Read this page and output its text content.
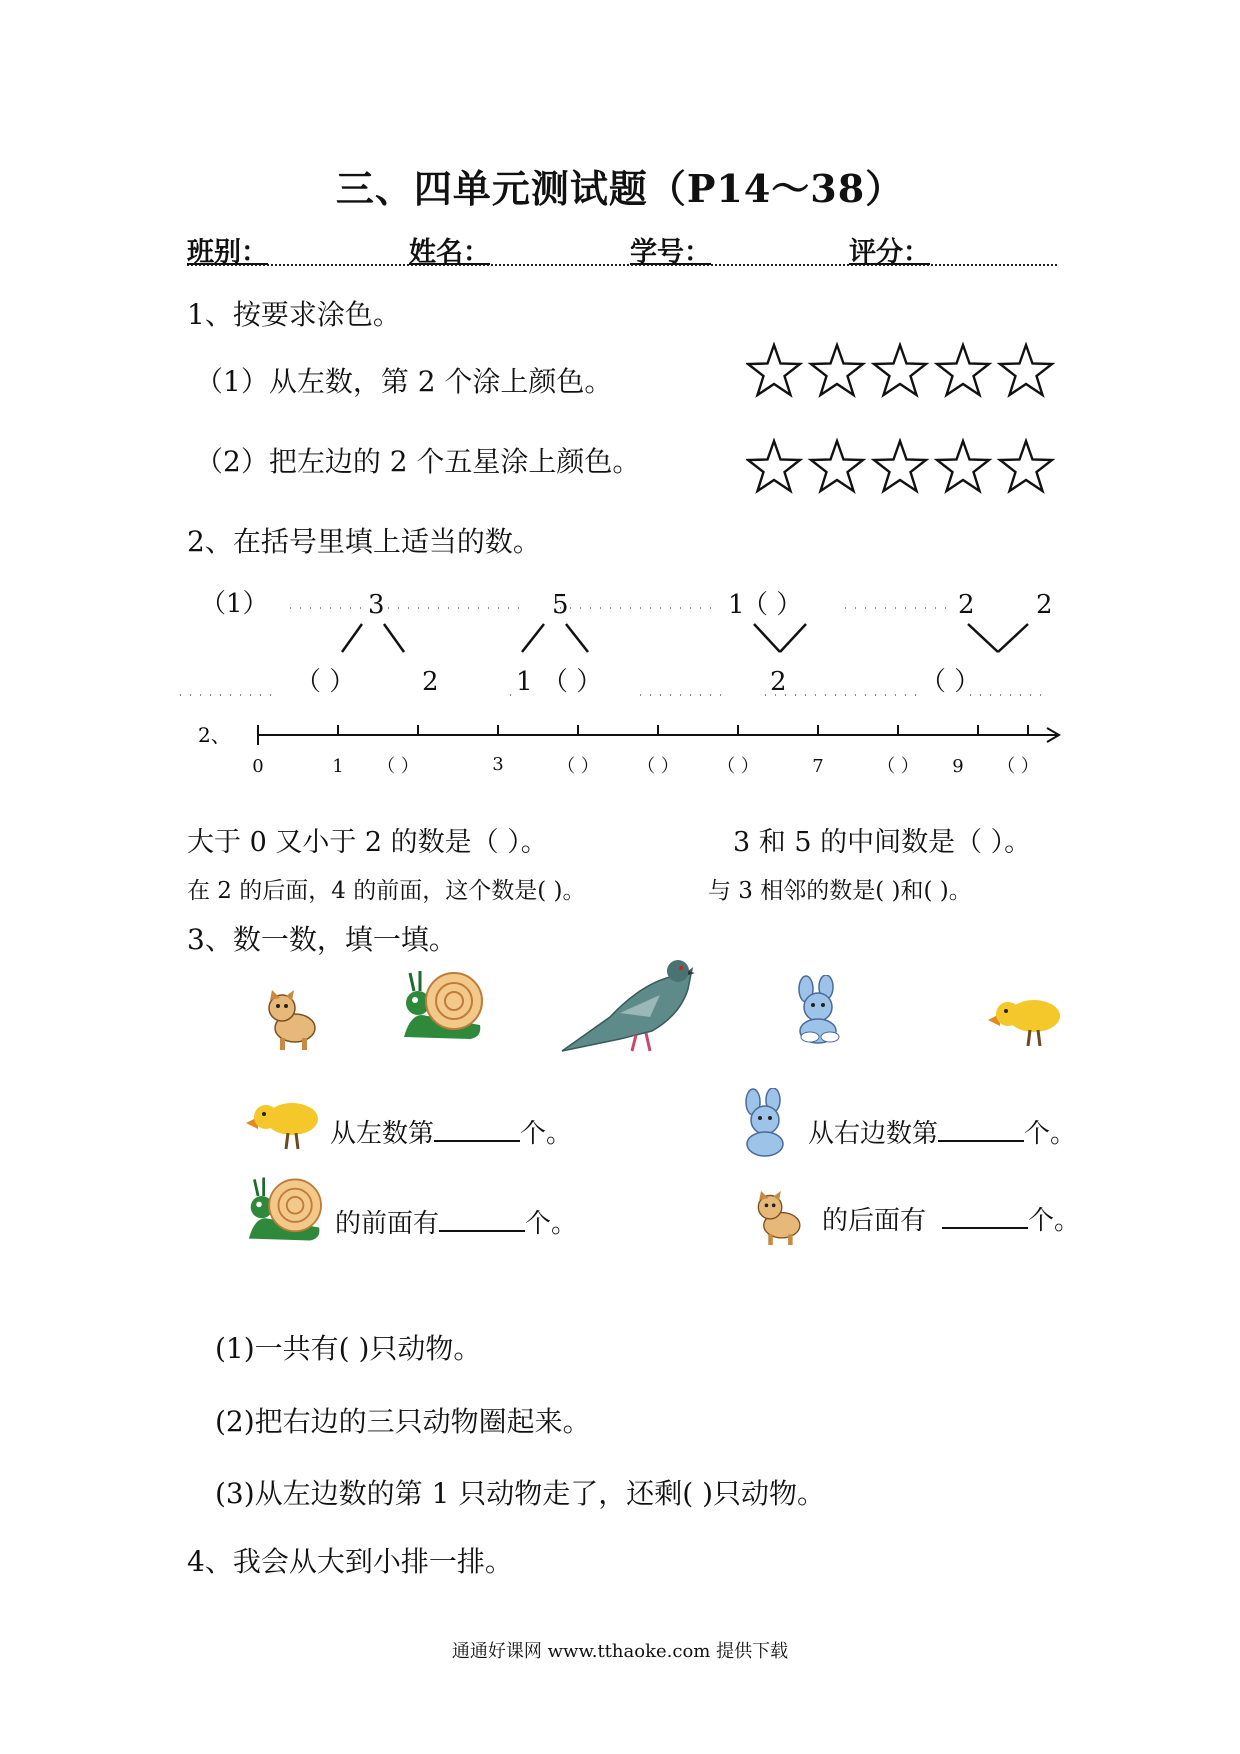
三、四单元测试题（P14～38）
班别：	姓名：	学号：	评分：
1、按要求涂色。
（1）从左数，第 2 个涂上颜色。
（2）把左边的 2 个五星涂上颜色。
2、在括号里填上适当的数。
（1）	3
（ ）	2
5
1 （ ）
1
（ ）
2
2 2
（ ）
2、
0	1 （ ）	3	（ ） （ ） （ ）	7	（ ） 9 （ ）
大于 0 又小于 2 的数是（ ）。	3 和 5 的中间数是（ ）。
在 2 的后面，4 的前面，这个数是( )。	与 3 相邻的数是( )和( )。
3、数一数，填一填。
从左数第	个。	从右边数第	个。
的前面有	个。	的后面有	个。
(1)一共有( )只动物。
(2)把右边的三只动物圈起来。
(3)从左边数的第 1 只动物走了，还剩( )只动物。
4、我会从大到小排一排。
通通好课网 www.tthaoke.com 提供下载
